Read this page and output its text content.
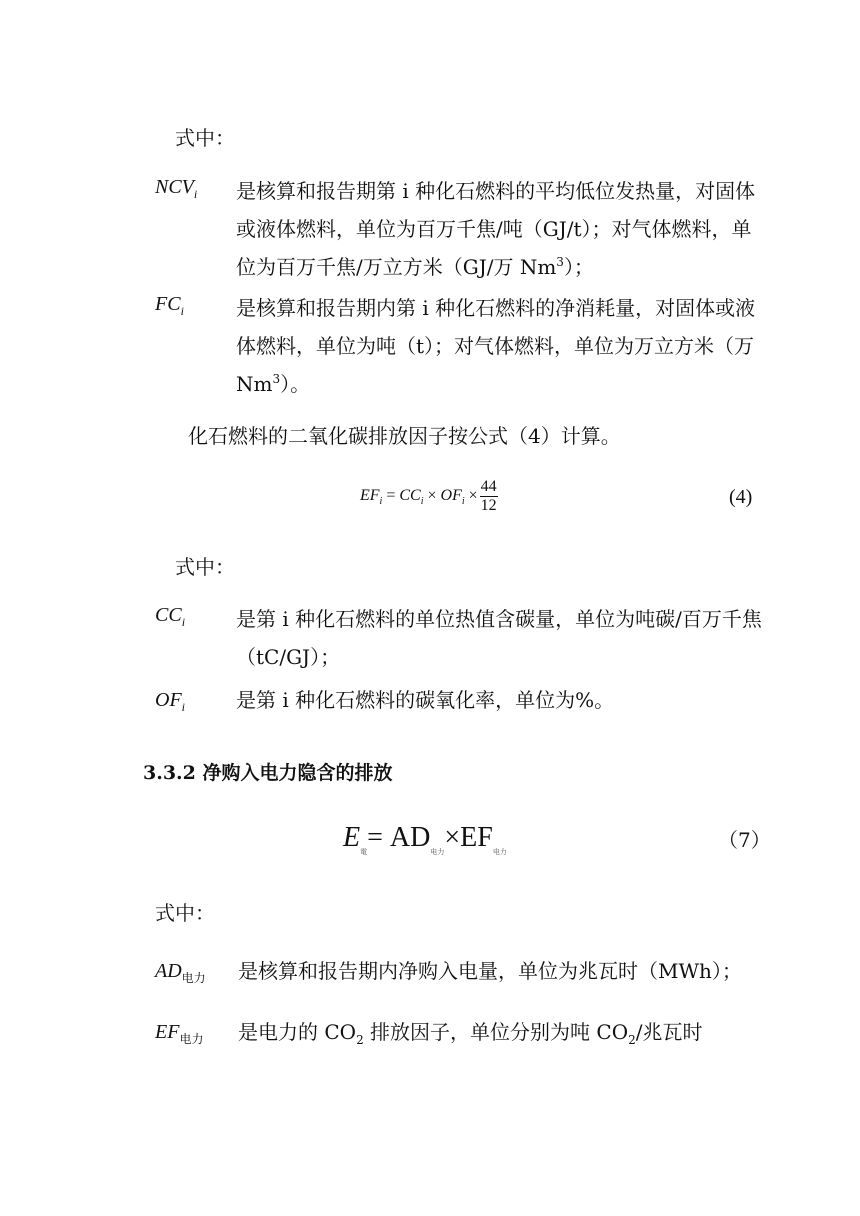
式中：
$NCV_i$ 是核算和报告期第 i 种化石燃料的平均低位发热量，对固体
或液体燃料，单位为百万千焦/吨（GJ/t）；对气体燃料，单
位为百万千焦/万立方米（GJ/万 Nm$^3$）；
$FC_i$	是核算和报告期内第 i 种化石燃料的净消耗量，对固体或液
体燃料，单位为吨（t）；对气体燃料，单位为万立方米（万
Nm$^3$）。
化石燃料的二氧化碳排放因子按公式（4）计算。
$EF_i = CC_i \times OF_i \times \frac{44}{12}$	(4)
式中：
$CC_i$	是第 i 种化石燃料的单位热值含碳量，单位为吨碳/百万千焦
（tC/GJ）；
$OF_i$	是第 i 种化石燃料的碳氧化率，单位为%。
3.3.2 净购入电力隐含的排放
$E_電= AD_{电力}\times EF_{电力}$	（7）
式中：
$AD_{电力}$ 是核算和报告期内净购入电量，单位为兆瓦时（MWh）；
$EF_{电力}$ 是电力的 $CO_2$ 排放因子，单位分别为吨 $CO_2/$兆瓦时
